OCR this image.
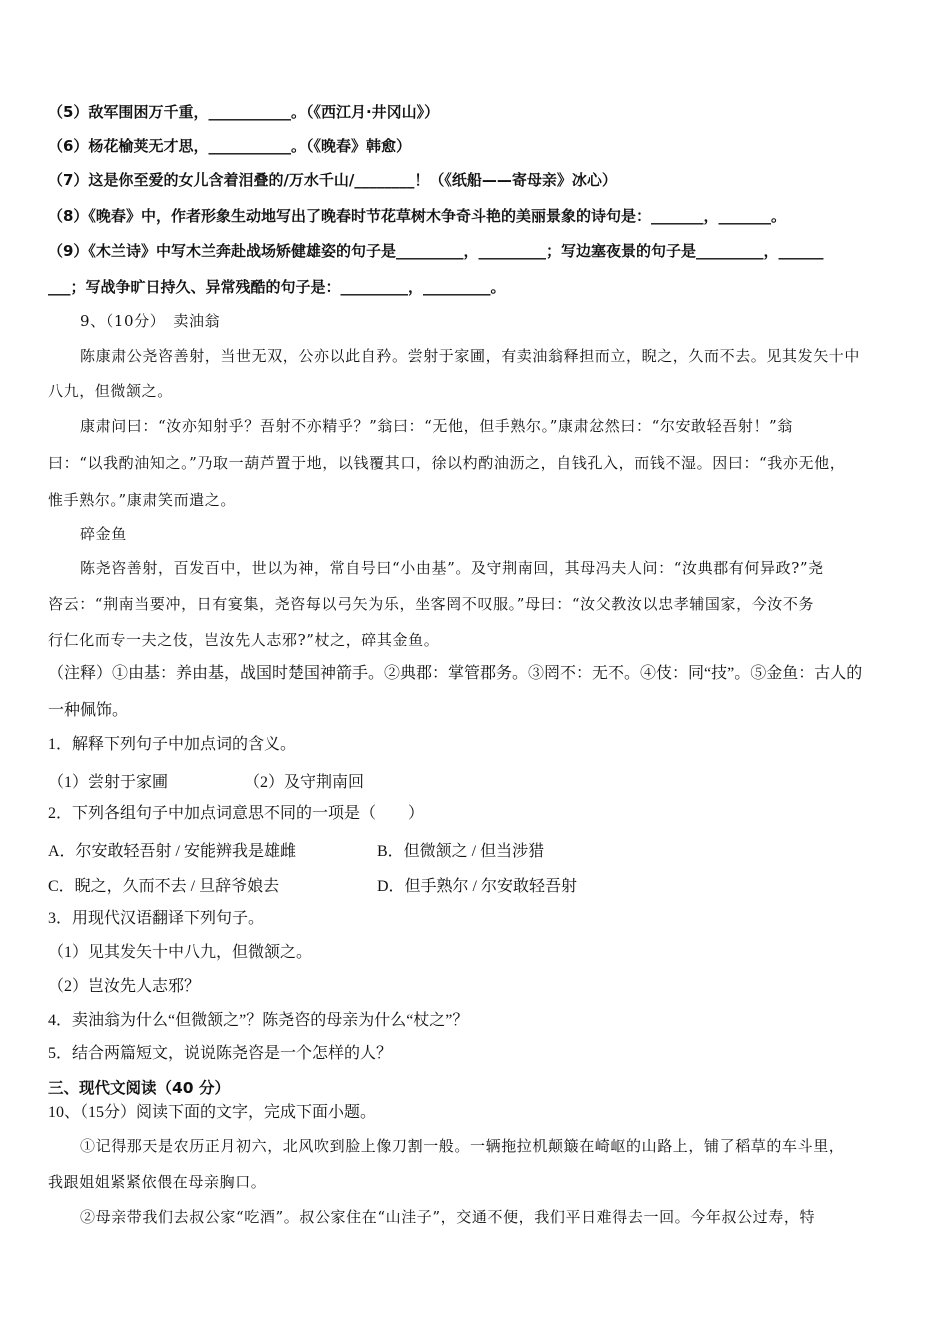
（5）敌军围困万千重，___________。（《西江月·井冈山》）
（6）杨花榆荚无才思，___________。（《晚春》韩愈）
（7）这是你至爱的女儿含着泪叠的/万水千山/________！（《纸船——寄母亲》冰心）
（8）《晚春》中，作者形象生动地写出了晚春时节花草树木争奇斗艳的美丽景象的诗句是：_______，_______。
（9）《木兰诗》中写木兰奔赴战场矫健雄姿的句子是_________，_________；写边塞夜景的句子是_________，______
___；写战争旷日持久、异常残酷的句子是：_________，_________。
9、（10分）　卖油翁
陈康肃公尧咨善射，当世无双，公亦以此自矜。尝射于家圃，有卖油翁释担而立，睨之，久而不去。见其发矢十中
八九，但微颔之。
康肃问曰：“汝亦知射乎？吾射不亦精乎？”翁曰：“无他，但手熟尔。”康肃忿然曰：“尔安敢轻吾射！”翁
曰：“以我酌油知之。”乃取一葫芦置于地，以钱覆其口，徐以杓酌油沥之，自钱孔入，而钱不湿。因曰：“我亦无他，
惟手熟尔。”康肃笑而遣之。
碎金鱼
陈尧咨善射，百发百中，世以为神，常自号曰“小由基”。及守荆南回，其母冯夫人问：“汝典郡有何异政?”尧
咨云：“荆南当要冲，日有宴集，尧咨每以弓矢为乐，坐客罔不叹服。”母曰：“汝父教汝以忠孝辅国家，今汝不务
行仁化而专一夫之伎，岂汝先人志邪?”杖之，碎其金鱼。
（注释）①由基：养由基，战国时楚国神箭手。②典郡：掌管郡务。③罔不：无不。④伎：同“技”。⑤金鱼：古人的
一种佩饰。
1．解释下列句子中加点词的含义。
（1）尝射于家圃	（2）及守荆南回
2．下列各组句子中加点词意思不同的一项是（　　）
A．尔安敢轻吾射 / 安能辨我是雄雌	B．但微颔之 / 但当涉猎
C．睨之，久而不去 / 旦辞爷娘去	D．但手熟尔 / 尔安敢轻吾射
3．用现代汉语翻译下列句子。
（1）见其发矢十中八九，但微颔之。
（2）岂汝先人志邪？
4．卖油翁为什么“但微颔之”？陈尧咨的母亲为什么“杖之”？
5．结合两篇短文，说说陈尧咨是一个怎样的人？
三、现代文阅读（40 分）
10、（15分）阅读下面的文字，完成下面小题。
①记得那天是农历正月初六，北风吹到脸上像刀割一般。一辆拖拉机颠簸在崎岖的山路上，铺了稻草的车斗里，
我跟姐姐紧紧依偎在母亲胸口。
②母亲带我们去叔公家“吃酒”。叔公家住在“山洼子”，交通不便，我们平日难得去一回。今年叔公过寿，特
